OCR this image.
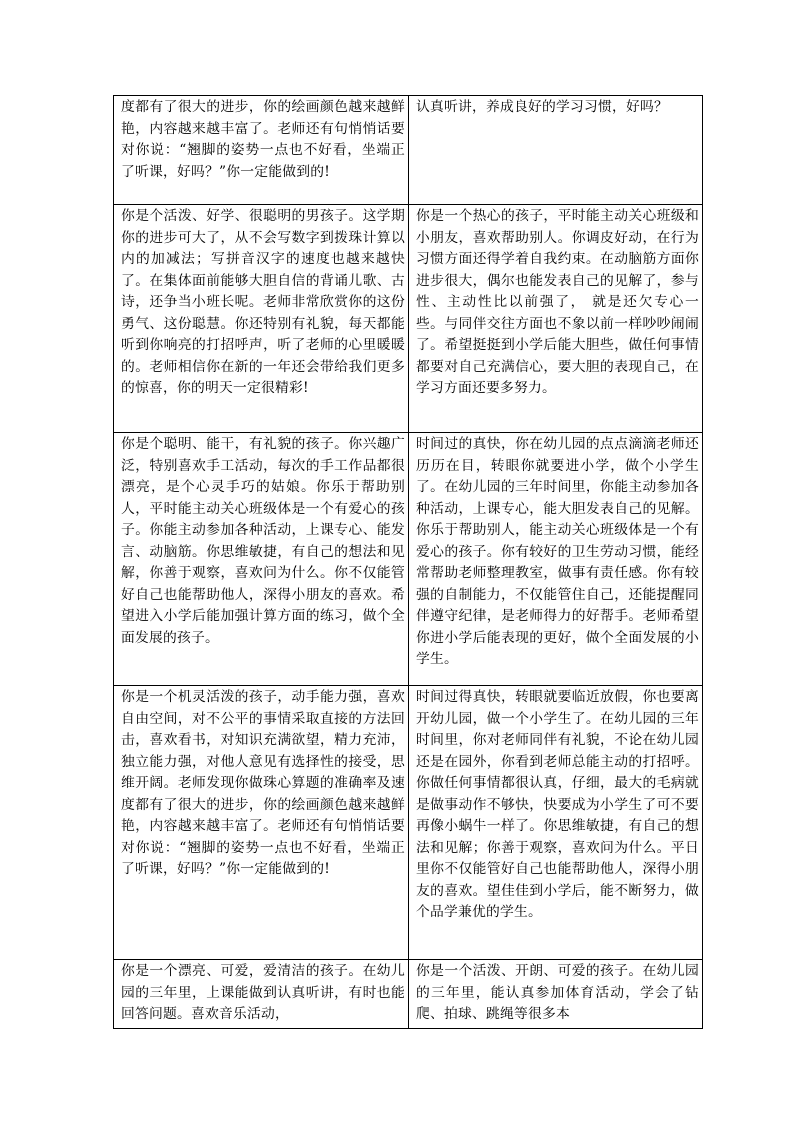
度都有了很大的进步，你的绘画颜色越来越鲜艳，内容越来越丰富了。老师还有句悄悄话要对你说：“翘脚的姿势一点也不好看，坐端正了听课，好吗？”你一定能做到的!	认真听讲，养成良好的学习习惯，好吗？
你是个活泼、好学、很聪明的男孩子。这学期你的进步可大了，从不会写数字到拨珠计算以内的加减法；写拼音汉字的速度也越来越快了。在集体面前能够大胆自信的背诵儿歌、古诗，还争当小班长呢。老师非常欣赏你的这份勇气、这份聪慧。你还特别有礼貌，每天都能听到你响亮的打招呼声，听了老师的心里暖暖的。老师相信你在新的一年还会带给我们更多的惊喜，你的明天一定很精彩!	你是一个热心的孩子，平时能主动关心班级和小朋友，喜欢帮助别人。你调皮好动，在行为习惯方面还得学着自我约束。在动脑筋方面你进步很大，偶尔也能发表自己的见解了，参与性、主动性比以前强了， 就是还欠专心一些。与同伴交往方面也不象以前一样吵吵闹闹了。希望挺挺到小学后能大胆些，做任何事情都要对自己充满信心，要大胆的表现自己，在学习方面还要多努力。
你是个聪明、能干，有礼貌的孩子。你兴趣广泛，特别喜欢手工活动，每次的手工作品都很漂亮，是个心灵手巧的姑娘。你乐于帮助别人，平时能主动关心班级体是一个有爱心的孩子。你能主动参加各种活动，上课专心、能发言、动脑筋。你思维敏捷，有自己的想法和见解，你善于观察，喜欢问为什么。你不仅能管好自己也能帮助他人，深得小朋友的喜欢。希望进入小学后能加强计算方面的练习，做个全面发展的孩子。	时间过的真快，你在幼儿园的点点滴滴老师还历历在目，转眼你就要进小学，做个小学生了。在幼儿园的三年时间里，你能主动参加各种活动，上课专心，能大胆发表自己的见解。你乐于帮助别人，能主动关心班级体是一个有爱心的孩子。你有较好的卫生劳动习惯，能经常帮助老师整理教室，做事有责任感。你有较强的自制能力，不仅能管住自己，还能提醒同伴遵守纪律，是老师得力的好帮手。老师希望你进小学后能表现的更好，做个全面发展的小学生。
你是一个机灵活泼的孩子，动手能力强，喜欢自由空间，对不公平的事情采取直接的方法回击，喜欢看书，对知识充满欲望，精力充沛，独立能力强，对他人意见有选择性的接受，思维开阔。老师发现你做珠心算题的准确率及速度都有了很大的进步，你的绘画颜色越来越鲜艳，内容越来越丰富了。老师还有句悄悄话要对你说：“翘脚的姿势一点也不好看，坐端正了听课，好吗？”你一定能做到的!	时间过得真快，转眼就要临近放假，你也要离开幼儿园，做一个小学生了。在幼儿园的三年时间里，你对老师同伴有礼貌，不论在幼儿园还是在园外，你看到老师总能主动的打招呼。你做任何事情都很认真，仔细，最大的毛病就是做事动作不够快，快要成为小学生了可不要再像小蜗牛一样了。你思维敏捷，有自己的想法和见解；你善于观察，喜欢问为什么。平日里你不仅能管好自己也能帮助他人，深得小朋友的喜欢。望佳佳到小学后，能不断努力，做个品学兼优的学生。
你是一个漂亮、可爱，爱清洁的孩子。在幼儿园的三年里，上课能做到认真听讲，有时也能回答问题。喜欢音乐活动，	你是一个活泼、开朗、可爱的孩子。在幼儿园的三年里，能认真参加体育活动，学会了钻爬、拍球、跳绳等很多本
